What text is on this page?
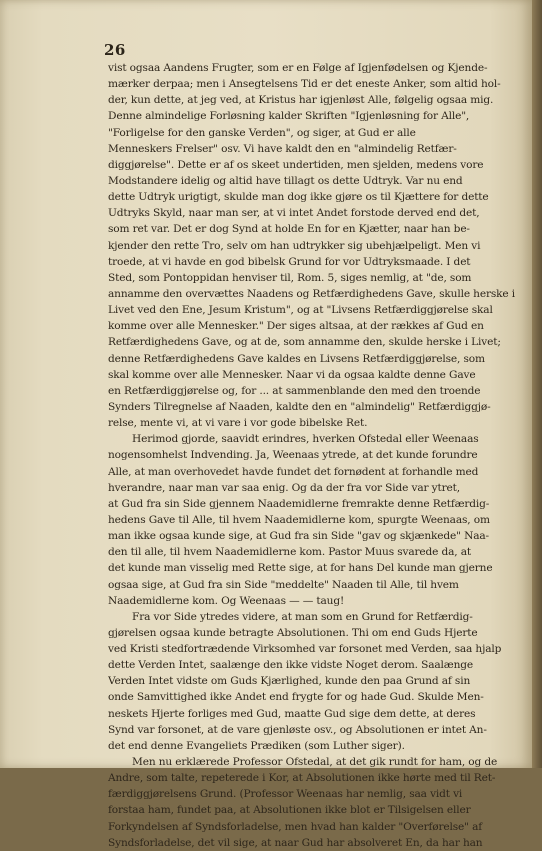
26
vist ogsaa Aandens Frugter, som er en Følge af Igjenfødelsen og Kjende-
mærker derpaa; men i Ansegtelsens Tid er det eneste Anker, som altid hol-
der, kun dette, at jeg ved, at Kristus har igjenløst Alle, følgelig ogsaa mig.
Denne almindelige Forløsning kalder Skriften "Igjenløsning for Alle",
"Forligelse for den ganske Verden", og siger, at Gud er alle
Menneskers Frelser" osv. Vi have kaldt den en "almindelig Retfær-
diggjørelse". Dette er af os skeet undertiden, men sjelden, medens vore
Modstandere idelig og altid have tillagt os dette Udtryk. Var nu end
dette Udtryk urigtigt, skulde man dog ikke gjøre os til Kjættere for dette
Udtryks Skyld, naar man ser, at vi intet Andet forstode derved end det,
som ret var. Det er dog Synd at holde En for en Kjætter, naar han be-
kjender den rette Tro, selv om han udtrykker sig ubehjælpeligt. Men vi
troede, at vi havde en god bibelsk Grund for vor Udtryksmaade. I det
Sted, som Pontoppidan henviser til, Rom. 5, siges nemlig, at "de, som
annamme den overvættes Naadens og Retfærdighedens Gave, skulle herske i
Livet ved den Ene, Jesum Kristum", og at "Livsens Retfærdiggjørelse skal
komme over alle Mennesker." Der siges altsaa, at der rækkes af Gud en
Retfærdighedens Gave, og at de, som annamme den, skulde herske i Livet;
denne Retfærdighedens Gave kaldes en Livsens Retfærdiggjørelse, som
skal komme over alle Mennesker. Naar vi da ogsaa kaldte denne Gave
en Retfærdiggjørelse og, for ... at sammenblande den med den troende
Synders Tilregnelse af Naaden, kaldte den en "almindelig" Retfærdiggjø-
relse, mente vi, at vi vare i vor gode bibelske Ret.
Herimod gjorde, saavidt erindres, hverken Ofstedal eller Weenaas
nogensomhelst Indvending. Ja, Weenaas ytrede, at det kunde forundre
Alle, at man overhovedet havde fundet det fornødent at forhandle med
hverandre, naar man var saa enig. Og da der fra vor Side var ytret,
at Gud fra sin Side gjennem Naademidlerne fremrakte denne Retfærdig-
hedens Gave til Alle, til hvem Naademidlerne kom, spurgte Weenaas, om
man ikke ogsaa kunde sige, at Gud fra sin Side "gav og skjænkede" Naa-
den til alle, til hvem Naademidlerne kom. Pastor Muus svarede da, at
det kunde man visselig med Rette sige, at for hans Del kunde man gjerne
ogsaa sige, at Gud fra sin Side "meddelte" Naaden til Alle, til hvem
Naademidlerne kom. Og Weenaas — — taug!
Fra vor Side ytredes videre, at man som en Grund for Retfærdig-
gjørelsen ogsaa kunde betragte Absolutionen. Thi om end Guds Hjerte
ved Kristi stedfortrædende Virksomhed var forsonet med Verden, saa hjalp
dette Verden Intet, saalænge den ikke vidste Noget derom. Saalænge
Verden Intet vidste om Guds Kjærlighed, kunde den paa Grund af sin
onde Samvittighed ikke Andet end frygte for og hade Gud. Skulde Men-
neskets Hjerte forliges med Gud, maatte Gud sige dem dette, at deres
Synd var forsonet, at de vare gjenløste osv., og Absolutionen er intet An-
det end denne Evangeliets Prædiken (som Luther siger).
Men nu erklærede Professor Ofstedal, at det gik rundt for ham, og de
Andre, som talte, repeterede i Kor, at Absolutionen ikke hørte med til Ret-
færdiggjørelsens Grund. (Professor Weenaas har nemlig, saa vidt vi
forstaa ham, fundet paa, at Absolutionen ikke blot er Tilsigelsen eller
Forkyndelsen af Syndsforladelse, men hvad han kalder "Overførelse" af
Syndsforladelse, det vil sige, at naar Gud har absolveret En, da har han
